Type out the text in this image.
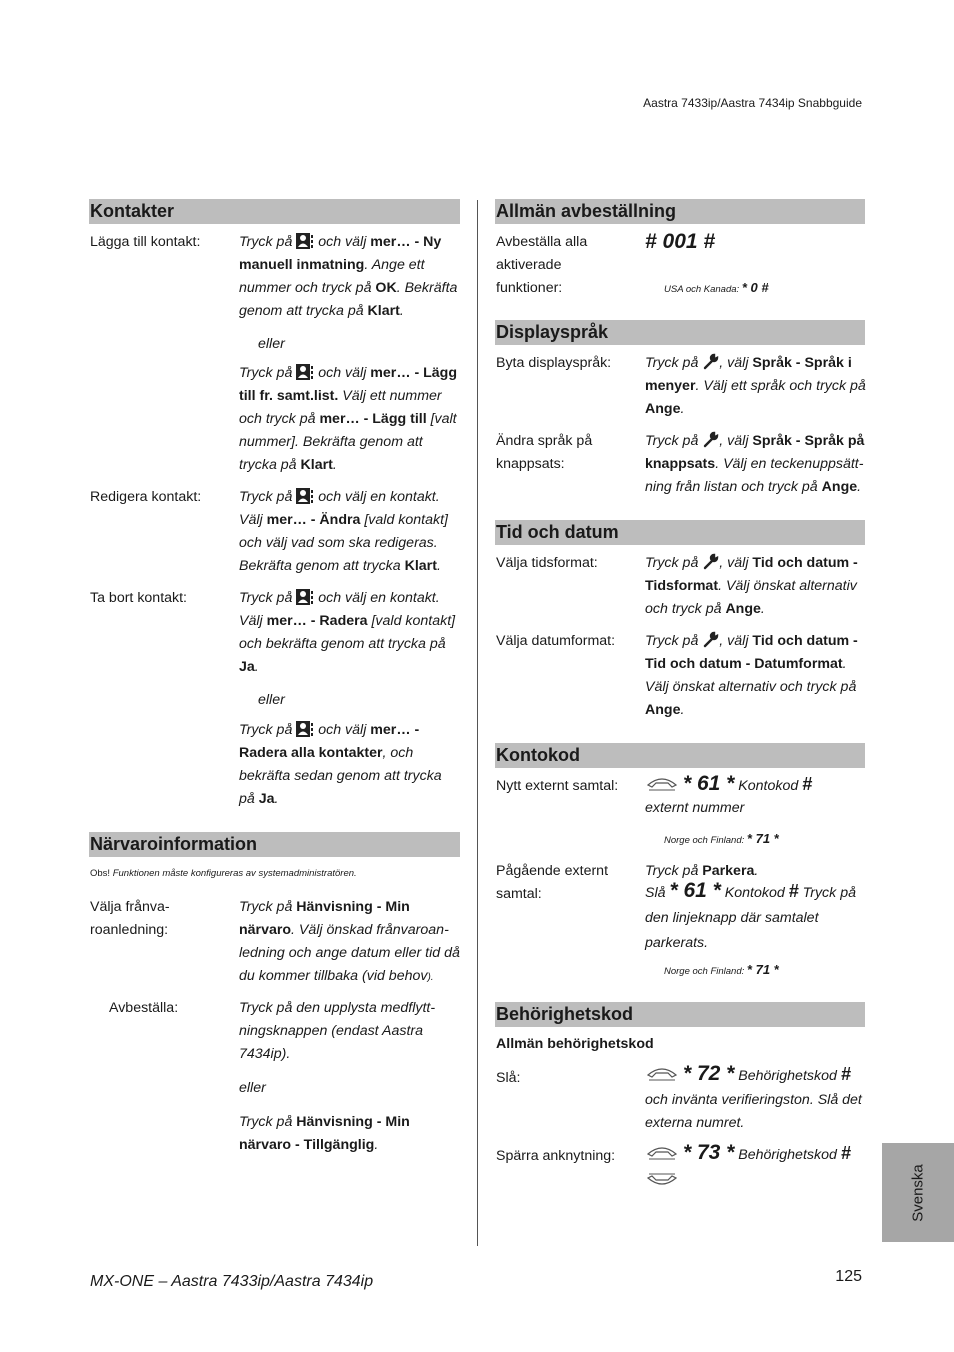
Aastra 7433ip/Aastra 7434ip Snabbguide
Kontakter
Lägga till kontakt:	Tryck på  och välj mer… - Ny manuell inmatning. Ange ett nummer och tryck på OK. Bekräfta genom att trycka på Klart.
eller
Tryck på  och välj mer… - Lägg till fr. samt.list. Välj ett nummer och tryck på mer… - Lägg till [valt nummer]. Bekräfta genom att trycka på Klart.
Redigera kontakt:	Tryck på  och välj en kontakt. Välj mer… - Ändra [vald kontakt] och välj vad som ska redigeras. Bekräfta genom att trycka Klart.
Ta bort kontakt:	Tryck på  och välj en kontakt. Välj mer… - Radera [vald kontakt] och bekräfta genom att trycka på Ja.
eller
Tryck på  och välj mer… - Radera alla kontakter, och bekräfta sedan genom att trycka på Ja.
Närvaroinformation
Obs! Funktionen måste konfigureras av systemadministratören.
Välja frånvaroanledning:
Tryck på Hänvisning - Min närvaro. Välj önskad frånvaroanledning och ange datum eller tid då du kommer tillbaka (vid behov).
Avbeställa:	Tryck på den upplysta medflyttningsknappen (endast Aastra 7434ip).
eller
Tryck på Hänvisning - Min närvaro - Tillgänglig.
Allmän avbeställning
Avbeställa alla aktiverade funktioner:
# 001 #
USA och Kanada: * 0 #
Displayspråk
Byta displayspråk: Tryck på , välj Språk - Språk i menyer. Välj ett språk och tryck på Ange.
Ändra språk på knappsats:
Tryck på , välj Språk - Språk på knappsats. Välj en teckenuppsättning från listan och tryck på Ange.
Tid och datum
Välja tidsformat:	Tryck på , välj Tid och datum - Tidsformat. Välj önskat alternativ och tryck på Ange.
Välja datumformat: Tryck på , välj Tid och datum - Tid och datum - Datumformat. Välj önskat alternativ och tryck på Ange.
Kontokod
Nytt externt samtal:	* 61 * Kontokod #
externt nummer
Norge och Finland: * 71 *
Pågående externt samtal:
Tryck på Parkera.
Slå * 61 * Kontokod # Tryck på den linjeknapp där samtalet parkerats.
Norge och Finland: * 71 *
Behörighetskod
Allmän behörighetskod
Slå:	* 72 * Behörighetskod #
och invänta verifieringston. Slå det externa numret.
Spärra anknytning:	* 73 * Behörighetskod #
Svenska
MX-ONE – Aastra 7433ip/Aastra 7434ip	125
